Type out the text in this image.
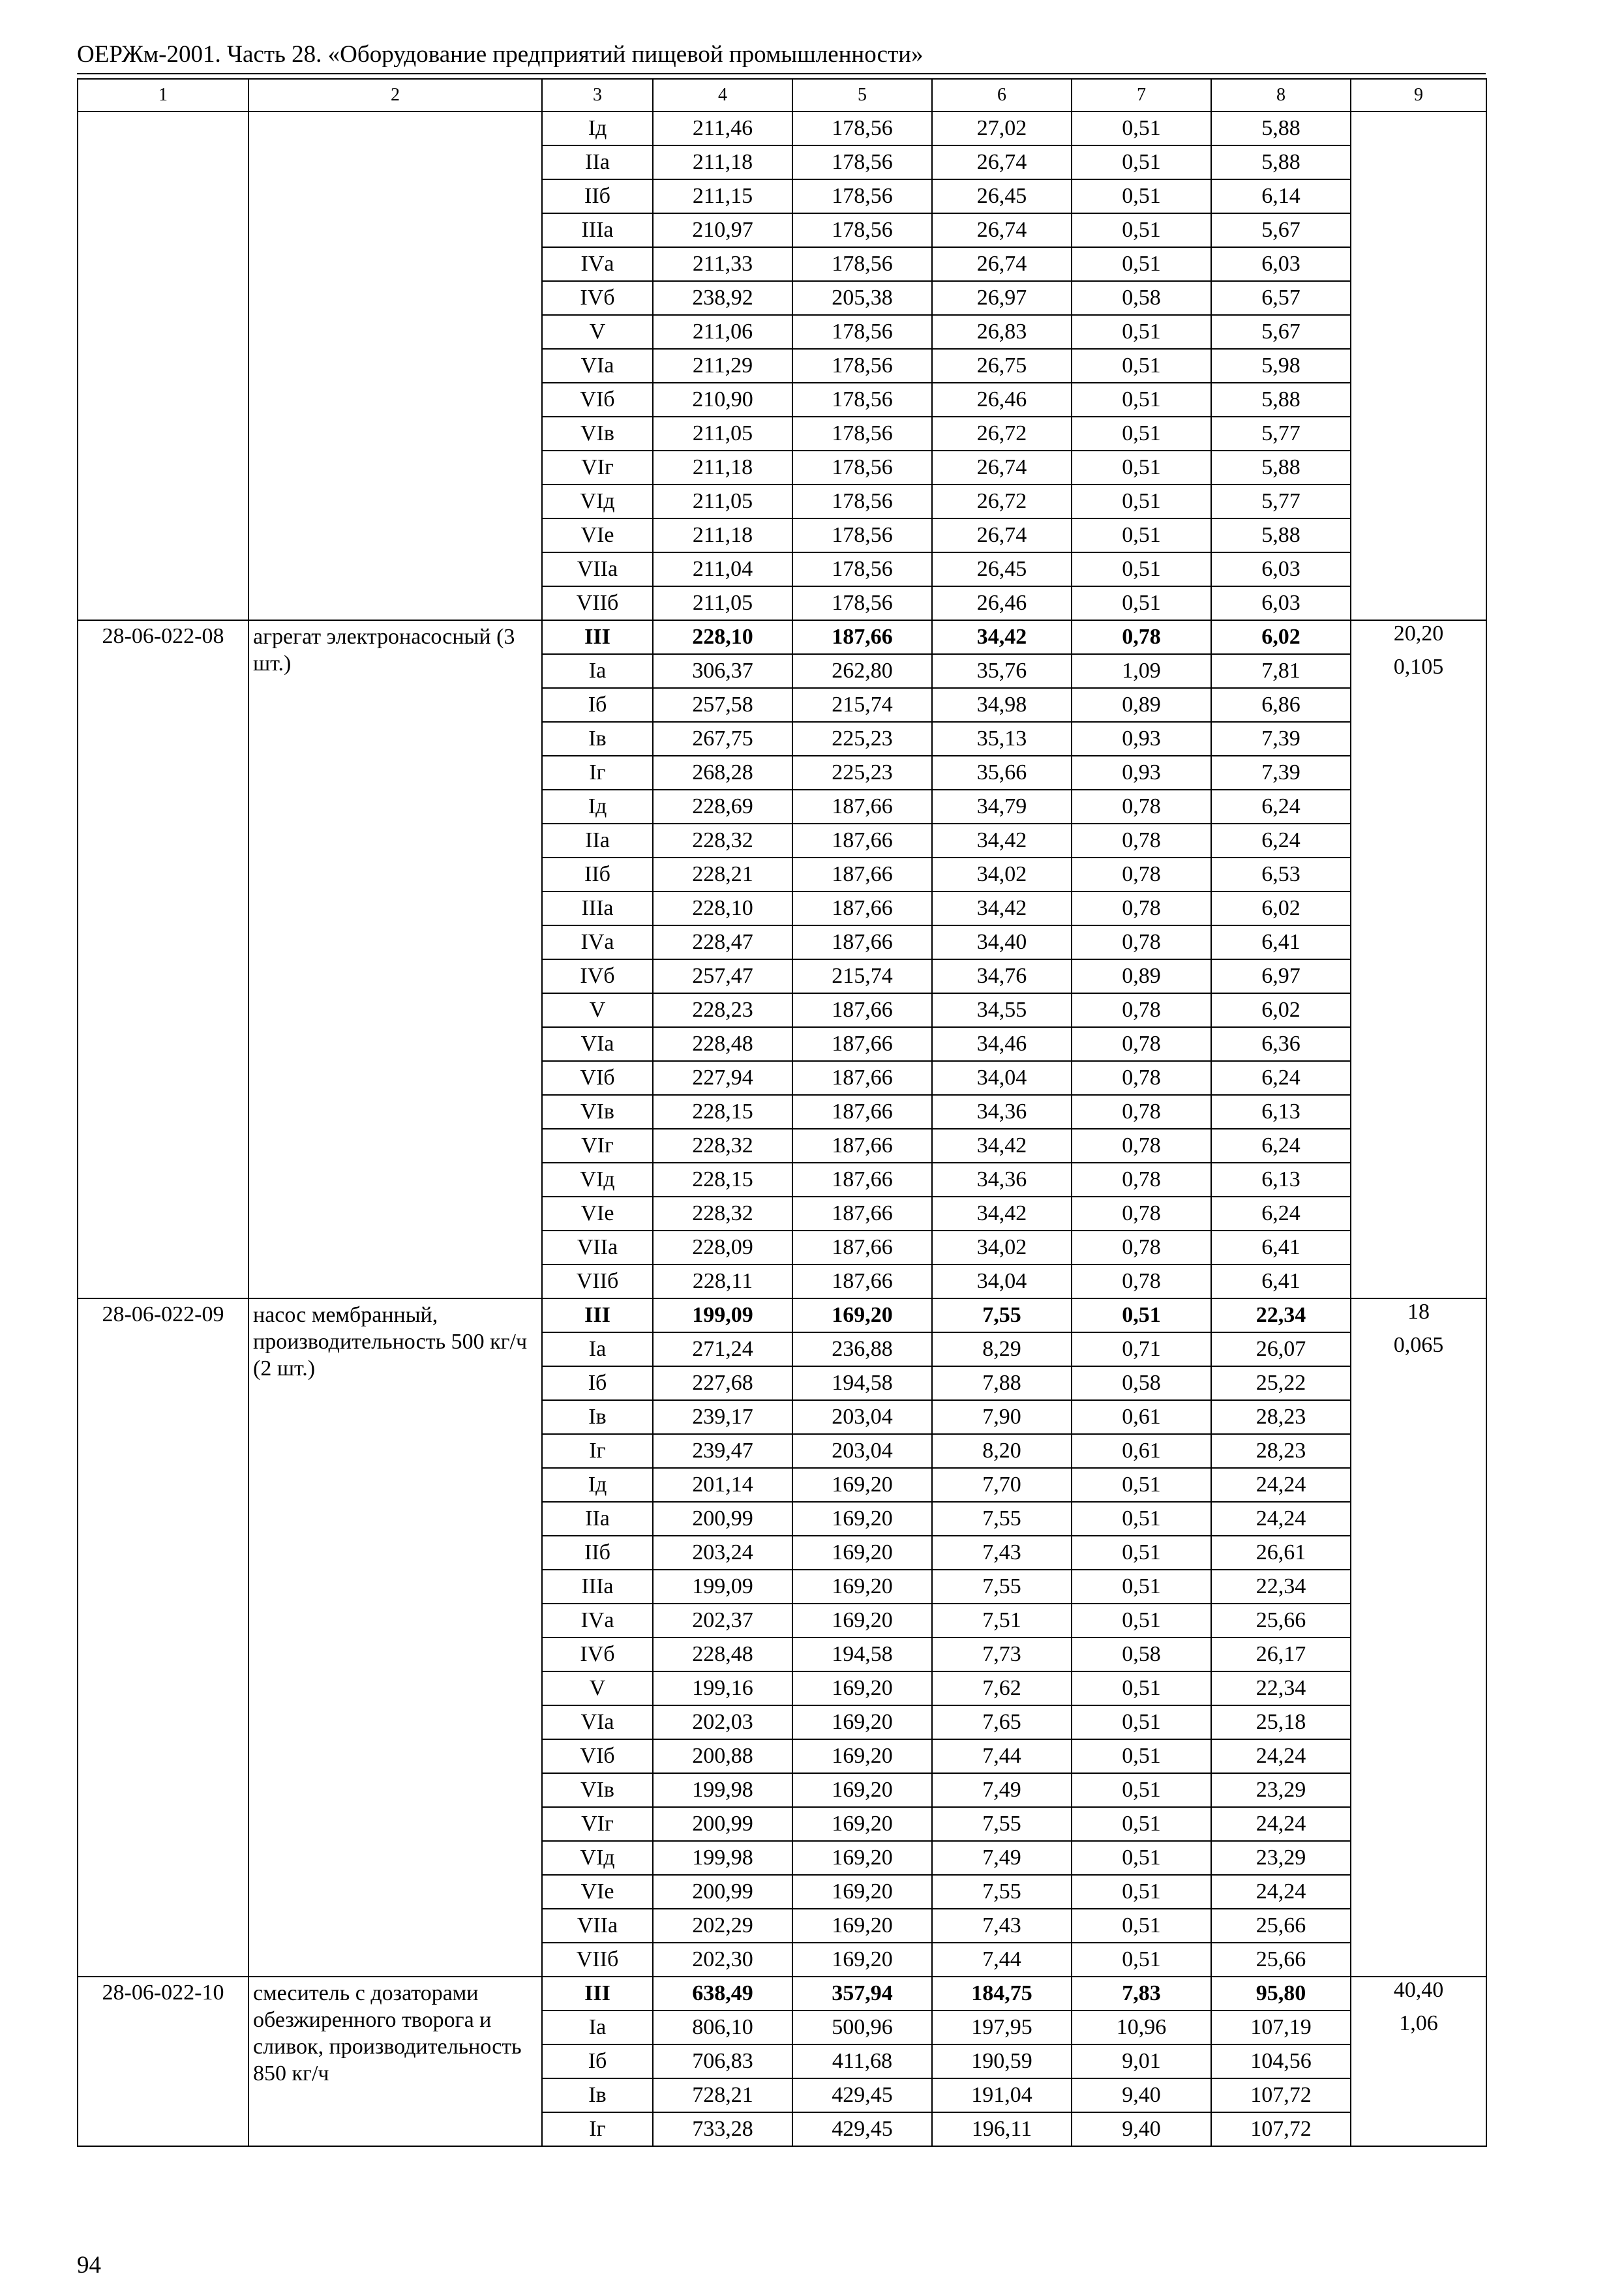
ОЕРЖм-2001. Часть 28. «Оборудование предприятий пищевой промышленности»
1	2	3	4	5	6	7	8	9
		Iд	211,46	178,56	27,02	0,51	5,88	
		IIа	211,18	178,56	26,74	0,51	5,88	
		IIб	211,15	178,56	26,45	0,51	6,14	
		IIIа	210,97	178,56	26,74	0,51	5,67	
		IVа	211,33	178,56	26,74	0,51	6,03	
		IVб	238,92	205,38	26,97	0,58	6,57	
		V	211,06	178,56	26,83	0,51	5,67	
		VIа	211,29	178,56	26,75	0,51	5,98	
		VIб	210,90	178,56	26,46	0,51	5,88	
		VIв	211,05	178,56	26,72	0,51	5,77	
		VIг	211,18	178,56	26,74	0,51	5,88	
		VIд	211,05	178,56	26,72	0,51	5,77	
		VIе	211,18	178,56	26,74	0,51	5,88	
		VIIа	211,04	178,56	26,45	0,51	6,03	
		VIIб	211,05	178,56	26,46	0,51	6,03	
28-06-022-08	агрегат электронасосный (3 шт.)	III	228,10	187,66	34,42	0,78	6,02	20,20
		Iа	306,37	262,80	35,76	1,09	7,81	0,105
		Iб	257,58	215,74	34,98	0,89	6,86	
		Iв	267,75	225,23	35,13	0,93	7,39	
		Iг	268,28	225,23	35,66	0,93	7,39	
		Iд	228,69	187,66	34,79	0,78	6,24	
		IIа	228,32	187,66	34,42	0,78	6,24	
		IIб	228,21	187,66	34,02	0,78	6,53	
		IIIа	228,10	187,66	34,42	0,78	6,02	
		IVа	228,47	187,66	34,40	0,78	6,41	
		IVб	257,47	215,74	34,76	0,89	6,97	
		V	228,23	187,66	34,55	0,78	6,02	
		VIа	228,48	187,66	34,46	0,78	6,36	
		VIб	227,94	187,66	34,04	0,78	6,24	
		VIв	228,15	187,66	34,36	0,78	6,13	
		VIг	228,32	187,66	34,42	0,78	6,24	
		VIд	228,15	187,66	34,36	0,78	6,13	
		VIе	228,32	187,66	34,42	0,78	6,24	
		VIIа	228,09	187,66	34,02	0,78	6,41	
		VIIб	228,11	187,66	34,04	0,78	6,41	
28-06-022-09	насос мембранный, производительность 500 кг/ч (2 шт.)	III	199,09	169,20	7,55	0,51	22,34	18
		Iа	271,24	236,88	8,29	0,71	26,07	0,065
		Iб	227,68	194,58	7,88	0,58	25,22	
		Iв	239,17	203,04	7,90	0,61	28,23	
		Iг	239,47	203,04	8,20	0,61	28,23	
		Iд	201,14	169,20	7,70	0,51	24,24	
		IIа	200,99	169,20	7,55	0,51	24,24	
		IIб	203,24	169,20	7,43	0,51	26,61	
		IIIа	199,09	169,20	7,55	0,51	22,34	
		IVа	202,37	169,20	7,51	0,51	25,66	
		IVб	228,48	194,58	7,73	0,58	26,17	
		V	199,16	169,20	7,62	0,51	22,34	
		VIа	202,03	169,20	7,65	0,51	25,18	
		VIб	200,88	169,20	7,44	0,51	24,24	
		VIв	199,98	169,20	7,49	0,51	23,29	
		VIг	200,99	169,20	7,55	0,51	24,24	
		VIд	199,98	169,20	7,49	0,51	23,29	
		VIе	200,99	169,20	7,55	0,51	24,24	
		VIIа	202,29	169,20	7,43	0,51	25,66	
		VIIб	202,30	169,20	7,44	0,51	25,66	
28-06-022-10	смеситель с дозаторами обезжиренного творога и сливок, производительность 850 кг/ч	III	638,49	357,94	184,75	7,83	95,80	40,40
		Iа	806,10	500,96	197,95	10,96	107,19	1,06
		Iб	706,83	411,68	190,59	9,01	104,56	
		Iв	728,21	429,45	191,04	9,40	107,72	
		Iг	733,28	429,45	196,11	9,40	107,72	
94
